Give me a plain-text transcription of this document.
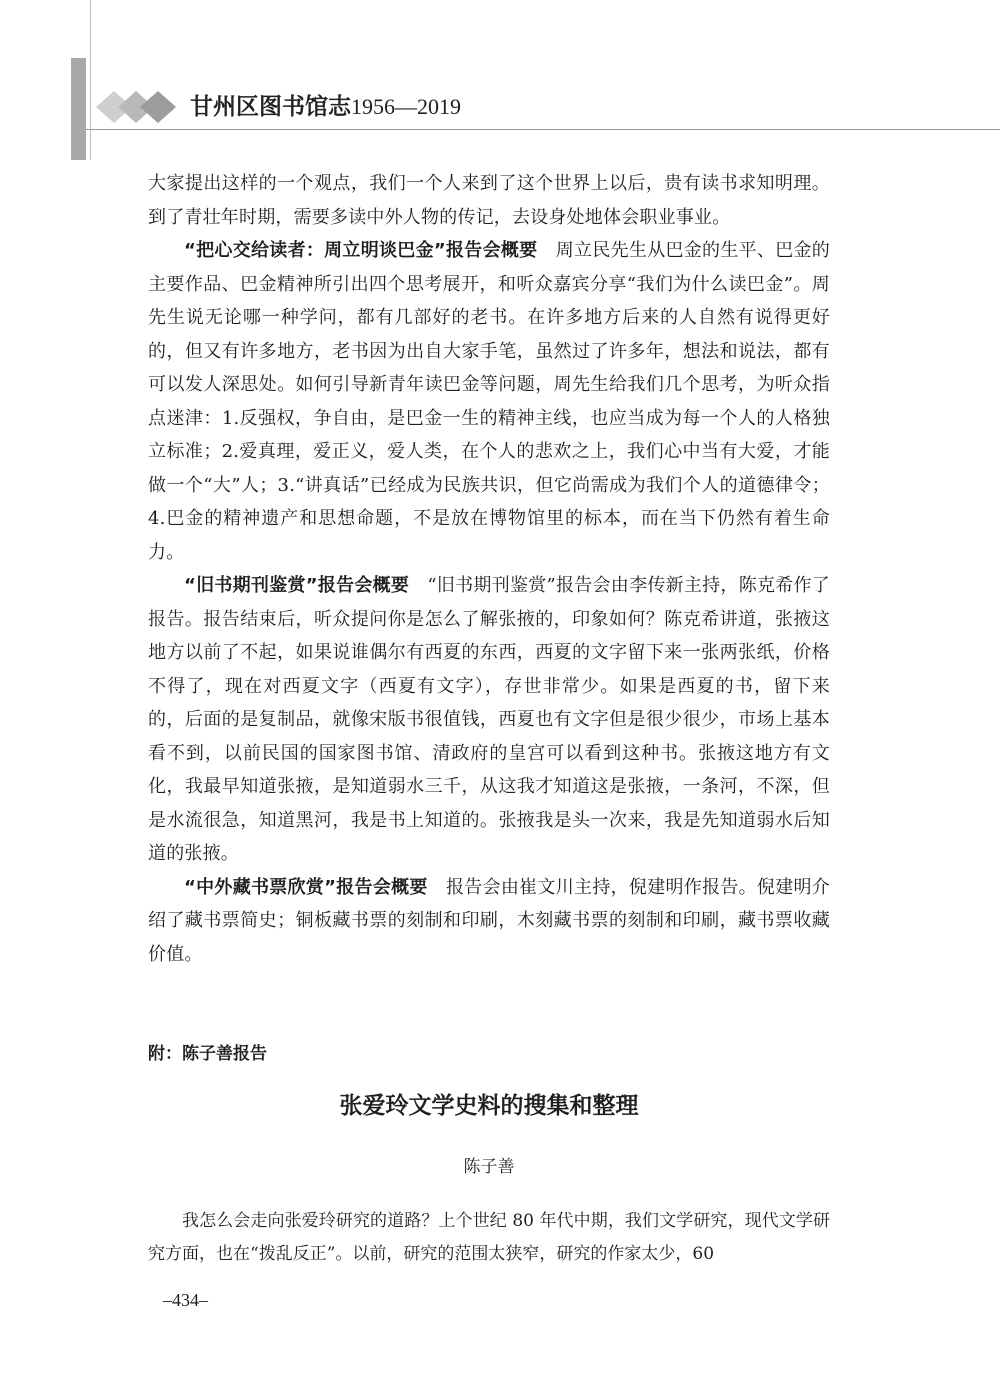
甘州区图书馆志1956—2019

大家提出这样的一个观点，我们一个人来到了这个世界上以后，贵有读书求知明理。到了青壮年时期，需要多读中外人物的传记，去设身处地体会职业事业。

“把心交给读者：周立明谈巴金”报告会概要  周立民先生从巴金的生平、巴金的主要作品、巴金精神所引出四个思考展开，和听众嘉宾分享“我们为什么读巴金”。周先生说无论哪一种学问，都有几部好的老书。在许多地方后来的人自然有说得更好的，但又有许多地方，老书因为出自大家手笔，虽然过了许多年，想法和说法，都有可以发人深思处。如何引导新青年读巴金等问题，周先生给我们几个思考，为听众指点迷津：1.反强权，争自由，是巴金一生的精神主线，也应当成为每一个人的人格独立标准；2.爱真理，爱正义，爱人类，在个人的悲欢之上，我们心中当有大爱，才能做一个“大”人；3.“讲真话”已经成为民族共识，但它尚需成为我们个人的道德律令；4.巴金的精神遗产和思想命题，不是放在博物馆里的标本，而在当下仍然有着生命力。

“旧书期刊鉴赏”报告会概要  “旧书期刊鉴赏”报告会由李传新主持，陈克希作了报告。报告结束后，听众提问你是怎么了解张掖的，印象如何？陈克希讲道，张掖这地方以前了不起，如果说谁偶尔有西夏的东西，西夏的文字留下来一张两张纸，价格不得了，现在对西夏文字（西夏有文字），存世非常少。如果是西夏的书，留下来的，后面的是复制品，就像宋版书很值钱，西夏也有文字但是很少很少，市场上基本看不到，以前民国的国家图书馆、清政府的皇宫可以看到这种书。张掖这地方有文化，我最早知道张掖，是知道弱水三千，从这我才知道这是张掖，一条河，不深，但是水流很急，知道黑河，我是书上知道的。张掖我是头一次来，我是先知道弱水后知道的张掖。

“中外藏书票欣赏”报告会概要  报告会由崔文川主持，倪建明作报告。倪建明介绍了藏书票简史；铜板藏书票的刻制和印刷，木刻藏书票的刻制和印刷，藏书票收藏价值。

附：陈子善报告
张爱玲文学史料的搜集和整理
陈子善

我怎么会走向张爱玲研究的道路？上个世纪 80 年代中期，我们文学研究，现代文学研究方面，也在“拨乱反正”。以前，研究的范围太狭窄，研究的作家太少，60

–434–
